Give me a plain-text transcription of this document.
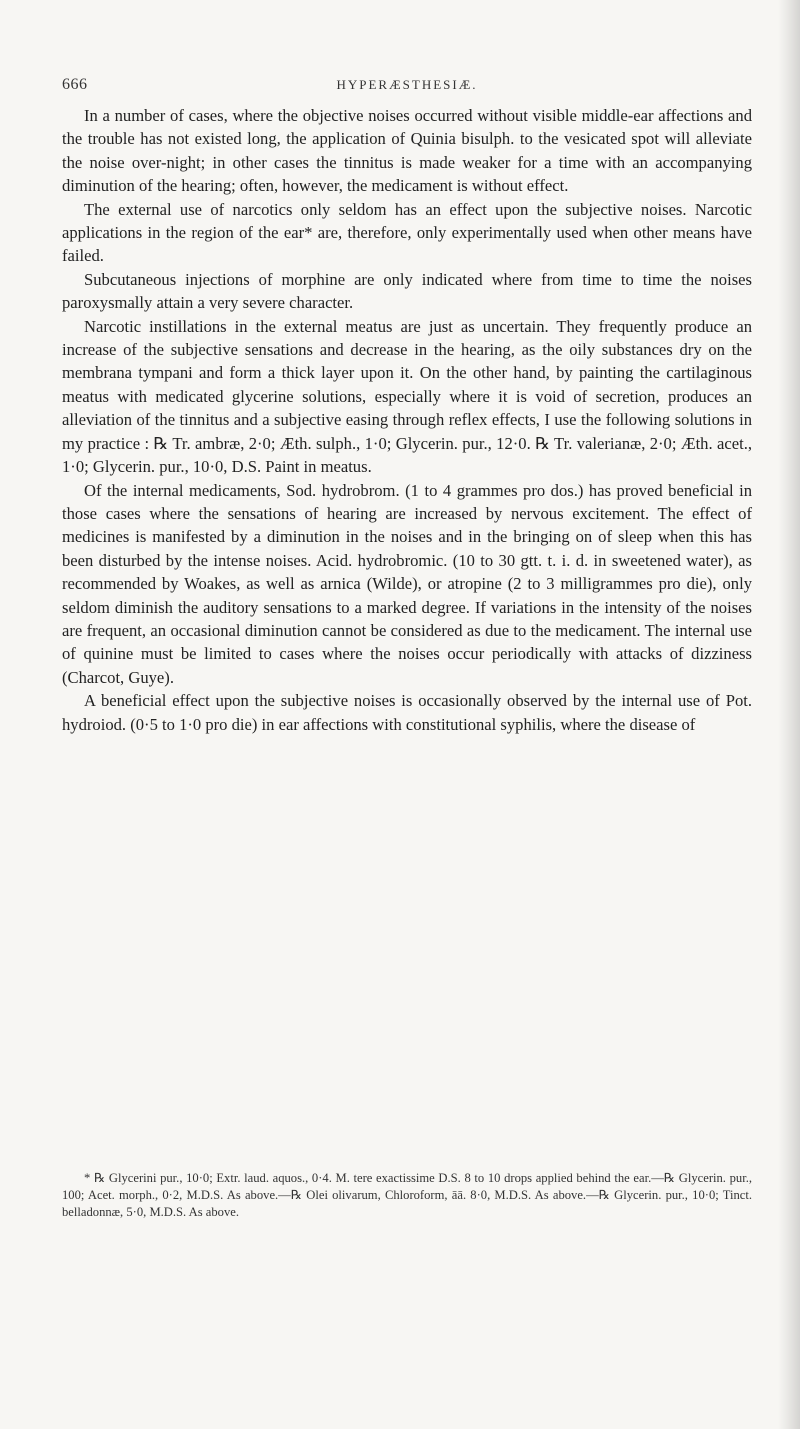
666	HYPERÆSTHESIÆ.

In a number of cases, where the objective noises occurred without visible middle-ear affections and the trouble has not existed long, the application of Quinia bisulph. to the vesicated spot will alleviate the noise over-night; in other cases the tinnitus is made weaker for a time with an accompanying diminution of the hearing; often, however, the medicament is without effect.

The external use of narcotics only seldom has an effect upon the subjective noises. Narcotic applications in the region of the ear* are, therefore, only experimentally used when other means have failed.

Subcutaneous injections of morphine are only indicated where from time to time the noises paroxysmally attain a very severe character.

Narcotic instillations in the external meatus are just as uncertain. They frequently produce an increase of the subjective sensations and decrease in the hearing, as the oily substances dry on the membrana tympani and form a thick layer upon it. On the other hand, by painting the cartilaginous meatus with medicated glycerine solutions, especially where it is void of secretion, produces an alleviation of the tinnitus and a subjective easing through reflex effects, I use the following solutions in my practice : ℞ Tr. ambræ, 2·0; Æth. sulph., 1·0; Glycerin. pur., 12·0. ℞ Tr. valerianæ, 2·0; Æth. acet., 1·0; Glycerin. pur., 10·0, D.S. Paint in meatus.

Of the internal medicaments, Sod. hydrobrom. (1 to 4 grammes pro dos.) has proved beneficial in those cases where the sensations of hearing are increased by nervous excitement. The effect of medicines is manifested by a diminution in the noises and in the bringing on of sleep when this has been disturbed by the intense noises. Acid. hydrobromic. (10 to 30 gtt. t. i. d. in sweetened water), as recommended by Woakes, as well as arnica (Wilde), or atropine (2 to 3 milligrammes pro die), only seldom diminish the auditory sensations to a marked degree. If variations in the intensity of the noises are frequent, an occasional diminution cannot be considered as due to the medicament. The internal use of quinine must be limited to cases where the noises occur periodically with attacks of dizziness (Charcot, Guye).

A beneficial effect upon the subjective noises is occasionally observed by the internal use of Pot. hydroiod. (0·5 to 1·0 pro die) in ear affections with constitutional syphilis, where the disease of

* ℞ Glycerini pur., 10·0; Extr. laud. aquos., 0·4. M. tere exactissime D.S. 8 to 10 drops applied behind the ear.—℞ Glycerin. pur., 100; Acet. morph., 0·2, M.D.S. As above.—℞ Olei olivarum, Chloroform, āā. 8·0, M.D.S. As above.—℞ Glycerin. pur., 10·0; Tinct. belladonnæ, 5·0, M.D.S. As above.
